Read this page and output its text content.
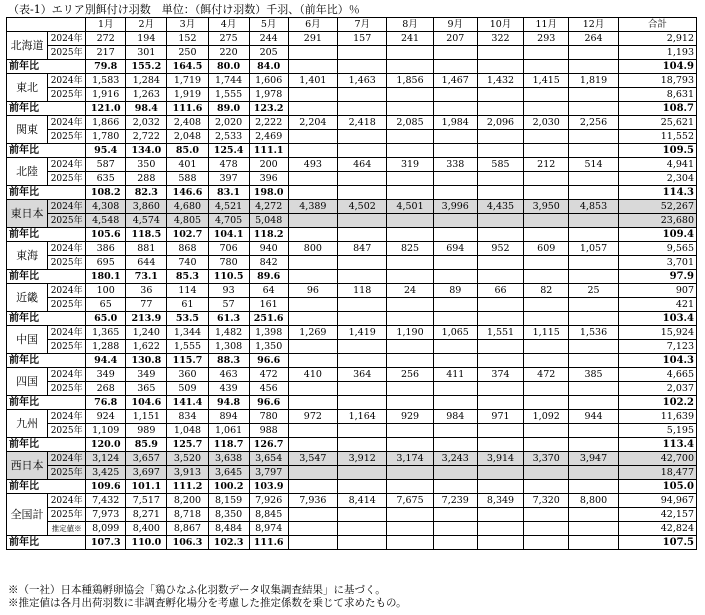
（表-1）エリア別餌付け羽数　単位：（餌付け羽数）千羽、（前年比）％
		1月	2月	3月	4月	5月	6月	7月	8月	9月	10月	11月	12月	合計
北海道	2024年	272	194	152	275	244	291	157	241	207	322	293	264	2,912
	2025年	217	301	250	220	205								1,193
前年比		79.8	155.2	164.5	80.0	84.0								104.9
東北	2024年	1,583	1,284	1,719	1,744	1,606	1,401	1,463	1,856	1,467	1,432	1,415	1,819	18,793
	2025年	1,916	1,263	1,919	1,555	1,978								8,631
前年比		121.0	98.4	111.6	89.0	123.2								108.7
関東	2024年	1,866	2,032	2,408	2,020	2,222	2,204	2,418	2,085	1,984	2,096	2,030	2,256	25,621
	2025年	1,780	2,722	2,048	2,533	2,469								11,552
前年比		95.4	134.0	85.0	125.4	111.1								109.5
北陸	2024年	587	350	401	478	200	493	464	319	338	585	212	514	4,941
	2025年	635	288	588	397	396								2,304
前年比		108.2	82.3	146.6	83.1	198.0								114.3
東日本	2024年	4,308	3,860	4,680	4,521	4,272	4,389	4,502	4,501	3,996	4,435	3,950	4,853	52,267
	2025年	4,548	4,574	4,805	4,705	5,048								23,680
前年比		105.6	118.5	102.7	104.1	118.2								109.4
東海	2024年	386	881	868	706	940	800	847	825	694	952	609	1,057	9,565
	2025年	695	644	740	780	842								3,701
前年比		180.1	73.1	85.3	110.5	89.6								97.9
近畿	2024年	100	36	114	93	64	96	118	24	89	66	82	25	907
	2025年	65	77	61	57	161								421
前年比		65.0	213.9	53.5	61.3	251.6								103.4
中国	2024年	1,365	1,240	1,344	1,482	1,398	1,269	1,419	1,190	1,065	1,551	1,115	1,536	15,924
	2025年	1,288	1,622	1,555	1,308	1,350								7,123
前年比		94.4	130.8	115.7	88.3	96.6								104.3
四国	2024年	349	349	360	463	472	410	364	256	411	374	472	385	4,665
	2025年	268	365	509	439	456								2,037
前年比		76.8	104.6	141.4	94.8	96.6								102.2
九州	2024年	924	1,151	834	894	780	972	1,164	929	984	971	1,092	944	11,639
	2025年	1,109	989	1,048	1,061	988								5,195
前年比		120.0	85.9	125.7	118.7	126.7								113.4
西日本	2024年	3,124	3,657	3,520	3,638	3,654	3,547	3,912	3,174	3,243	3,914	3,370	3,947	42,700
	2025年	3,425	3,697	3,913	3,645	3,797								18,477
前年比		109.6	101.1	111.2	100.2	103.9								105.0
全国計	2024年	7,432	7,517	8,200	8,159	7,926	7,936	8,414	7,675	7,239	8,349	7,320	8,800	94,967
	2025年	7,973	8,271	8,718	8,350	8,845								42,157
	推定値※	8,099	8,400	8,867	8,484	8,974								42,824
前年比		107.3	110.0	106.3	102.3	111.6								107.5
※（一社）日本種鶏孵卵協会「鶏ひなふ化羽数データ収集調査結果」に基づく。
※推定値は各月出荷羽数に非調査孵化場分を考慮した推定係数を乗じて求めたもの。
